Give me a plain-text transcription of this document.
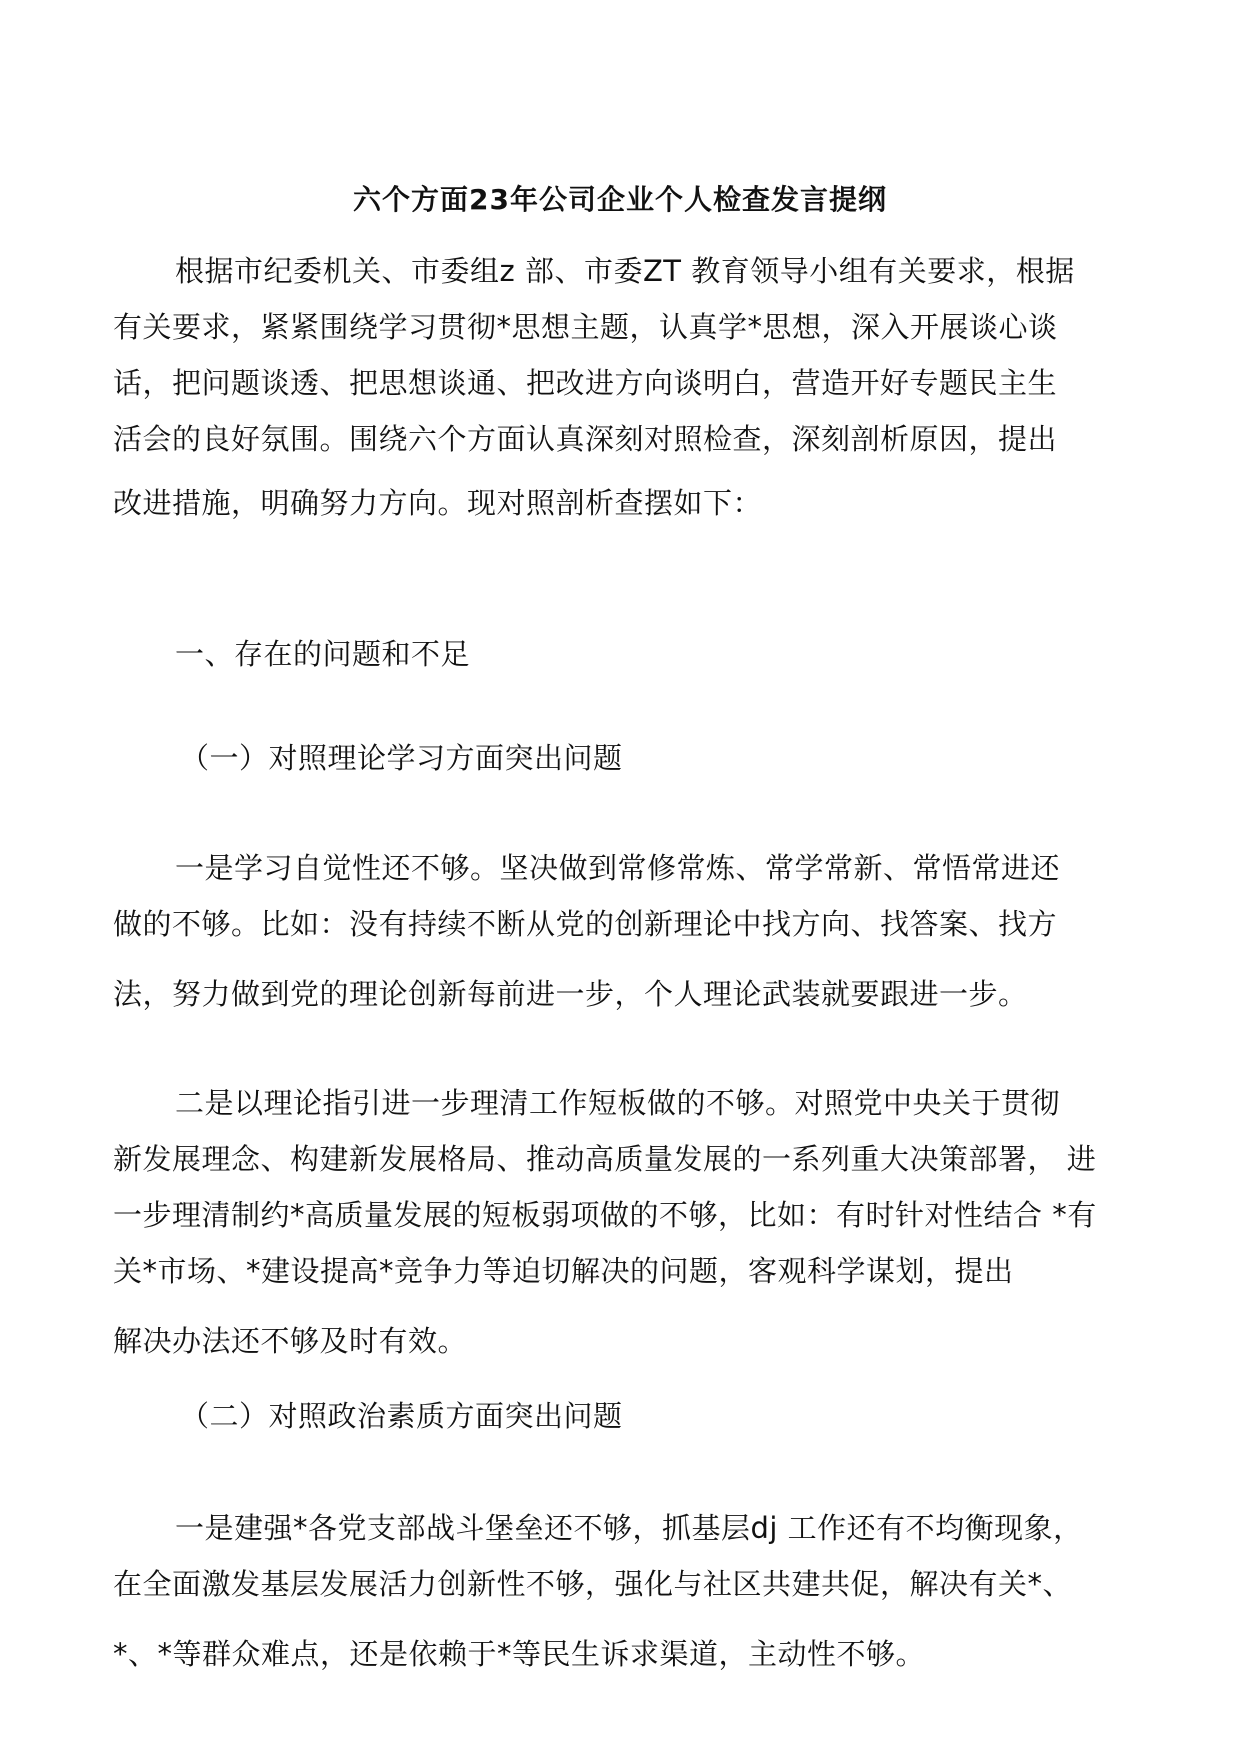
六个方面23年公司企业个人检查发言提纲
根据市纪委机关、市委组z 部、市委ZT 教育领导小组有关要求，根据
有关要求，紧紧围绕学习贯彻*思想主题，认真学*思想，深入开展谈心谈
话，把问题谈透、把思想谈通、把改进方向谈明白，营造开好专题民主生
活会的良好氛围。围绕六个方面认真深刻对照检查，深刻剖析原因，提出
改进措施，明确努力方向。现对照剖析查摆如下：

一、存在的问题和不足

（一）对照理论学习方面突出问题

一是学习自觉性还不够。坚决做到常修常炼、常学常新、常悟常进还
做的不够。比如：没有持续不断从党的创新理论中找方向、找答案、找方
法，努力做到党的理论创新每前进一步，个人理论武装就要跟进一步。
二是以理论指引进一步理清工作短板做的不够。对照党中央关于贯彻
新发展理念、构建新发展格局、推动高质量发展的一系列重大决策部署， 进
一步理清制约*高质量发展的短板弱项做的不够，比如：有时针对性结合 *有
关*市场、*建设提高*竞争力等迫切解决的问题，客观科学谋划，提出
解决办法还不够及时有效。

（二）对照政治素质方面突出问题

一是建强*各党支部战斗堡垒还不够，抓基层dj 工作还有不均衡现象，
在全面激发基层发展活力创新性不够，强化与社区共建共促，解决有关*、
*、*等群众难点，还是依赖于*等民生诉求渠道，主动性不够。
